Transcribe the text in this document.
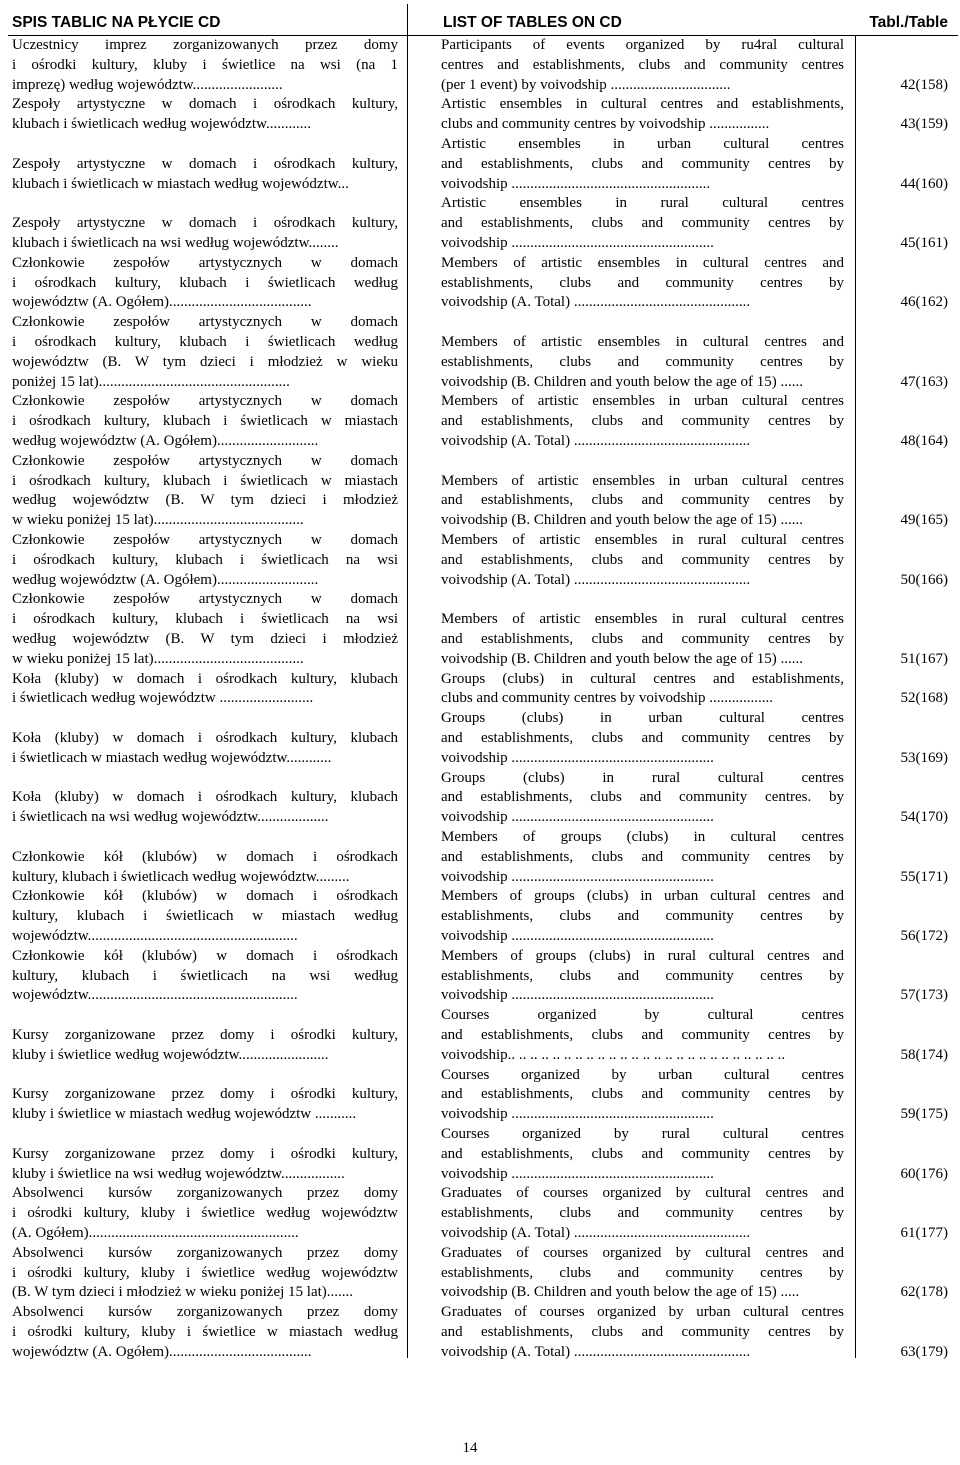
SPIS TABLIC NA PŁYCIE CD	LIST OF TABLES ON CD	Tabl./Table
Uczestnicy imprez zorganizowanych przez domy
i ośrodki kultury, kluby i świetlice na wsi (na 1
imprezę) według województw........................
Participants of events organized by ru4ral cultural
centres and establishments, clubs and community centres
(per 1 event) by voivodship ................................	42(158)
Zespoły artystyczne w domach i ośrodkach kultury,
klubach i świetlicach według województw............
Artistic ensembles in cultural centres and establishments,
clubs and community centres by voivodship ................	43(159)

Zespoły artystyczne w domach i ośrodkach kultury,
klubach i świetlicach w miastach według województw...
Artistic ensembles in urban cultural centres
and establishments, clubs and community centres by
voivodship .....................................................	44(160)

Zespoły artystyczne w domach i ośrodkach kultury,
klubach i świetlicach na wsi według województw........
Artistic ensembles in rural cultural centres
and establishments, clubs and community centres by
voivodship ......................................................	45(161)
Członkowie zespołów artystycznych w domach
i ośrodkach kultury, klubach i świetlicach według
województw (A. Ogółem)......................................
Members of artistic ensembles in cultural centres and
establishments, clubs and community centres by
voivodship (A. Total) ...............................................	46(162)
Członkowie zespołów artystycznych w domach
i ośrodkach kultury, klubach i świetlicach według
województw (B. W tym dzieci i młodzież w wieku
poniżej 15 lat)...................................................

Members of artistic ensembles in cultural centres and
establishments, clubs and community centres by
voivodship (B. Children and youth below the age of 15) ......	47(163)
Członkowie zespołów artystycznych w domach
i ośrodkach kultury, klubach i świetlicach w miastach
według województw (A. Ogółem)...........................
Members of artistic ensembles in urban cultural centres
and establishments, clubs and community centres by
voivodship (A. Total) ...............................................	48(164)
Członkowie zespołów artystycznych w domach
i ośrodkach kultury, klubach i świetlicach w miastach
według województw (B. W tym dzieci i młodzież
w wieku poniżej 15 lat)........................................

Members of artistic ensembles in urban cultural centres
and establishments, clubs and community centres by
voivodship (B. Children and youth below the age of 15) ......	49(165)
Członkowie zespołów artystycznych w domach
i ośrodkach kultury, klubach i świetlicach na wsi
według województw (A. Ogółem)...........................
Members of artistic ensembles in rural cultural centres
and establishments, clubs and community centres by
voivodship (A. Total) ...............................................	50(166)
Członkowie zespołów artystycznych w domach
i ośrodkach kultury, klubach i świetlicach na wsi
według województw (B. W tym dzieci i młodzież
w wieku poniżej 15 lat)........................................

Members of artistic ensembles in rural cultural centres
and establishments, clubs and community centres by
voivodship (B. Children and youth below the age of 15) ......	51(167)
Koła (kluby) w domach i ośrodkach kultury, klubach
i świetlicach według województw .........................
Groups (clubs) in cultural centres and establishments,
clubs and community centres by voivodship .................	52(168)

Koła (kluby) w domach i ośrodkach kultury, klubach
i świetlicach w miastach według województw............
Groups (clubs) in urban cultural centres
and establishments, clubs and community centres by
voivodship ......................................................	53(169)

Koła (kluby) w domach i ośrodkach kultury, klubach
i świetlicach na wsi według województw...................
Groups (clubs) in rural cultural centres
and establishments, clubs and community centres. by
voivodship ......................................................	54(170)

Członkowie kół (klubów) w domach i ośrodkach
kultury, klubach i świetlicach według województw.........
Members of groups (clubs) in cultural centres
and establishments, clubs and community centres by
voivodship ......................................................	55(171)
Członkowie kół (klubów) w domach i ośrodkach
kultury, klubach i świetlicach w miastach według
województw........................................................
Members of groups (clubs) in urban cultural centres and
establishments, clubs and community centres by
voivodship ......................................................	56(172)
Członkowie kół (klubów) w domach i ośrodkach
kultury, klubach i świetlicach na wsi według
województw........................................................
Members of groups (clubs) in rural cultural centres and
establishments, clubs and community centres by
voivodship ......................................................	57(173)

Kursy zorganizowane przez domy i ośrodki kultury,
kluby i świetlice według województw........................
Courses organized by cultural centres
and establishments, clubs and community centres by
voivodship.. .. .. .. .. .. .. .. .. .. .. .. .. .. .. .. .. .. .. .. .. .. .. .. ..	58(174)

Kursy zorganizowane przez domy i ośrodki kultury,
kluby i świetlice w miastach według województw ...........
Courses organized by urban cultural centres
and establishments, clubs and community centres by
voivodship ......................................................	59(175)

Kursy zorganizowane przez domy i ośrodki kultury,
kluby i świetlice na wsi według województw.................
Courses organized by rural cultural centres
and establishments, clubs and community centres by
voivodship ......................................................	60(176)
Absolwenci kursów zorganizowanych przez domy
i ośrodki kultury, kluby i świetlice według województw
(A. Ogółem)........................................................
Graduates of courses organized by cultural centres and
establishments, clubs and community centres by
voivodship (A. Total) ...............................................	61(177)
Absolwenci kursów zorganizowanych przez domy
i ośrodki kultury, kluby i świetlice według województw
(B. W tym dzieci i młodzież w wieku poniżej 15 lat).......
Graduates of courses organized by cultural centres and
establishments, clubs and community centres by
voivodship (B. Children and youth below the age of 15) .....	62(178)
Absolwenci kursów zorganizowanych przez domy
i ośrodki kultury, kluby i świetlice w miastach według
województw (A. Ogółem)......................................
Graduates of courses organized by urban cultural centres
and establishments, clubs and community centres by
voivodship (A. Total) ...............................................	63(179)
14
